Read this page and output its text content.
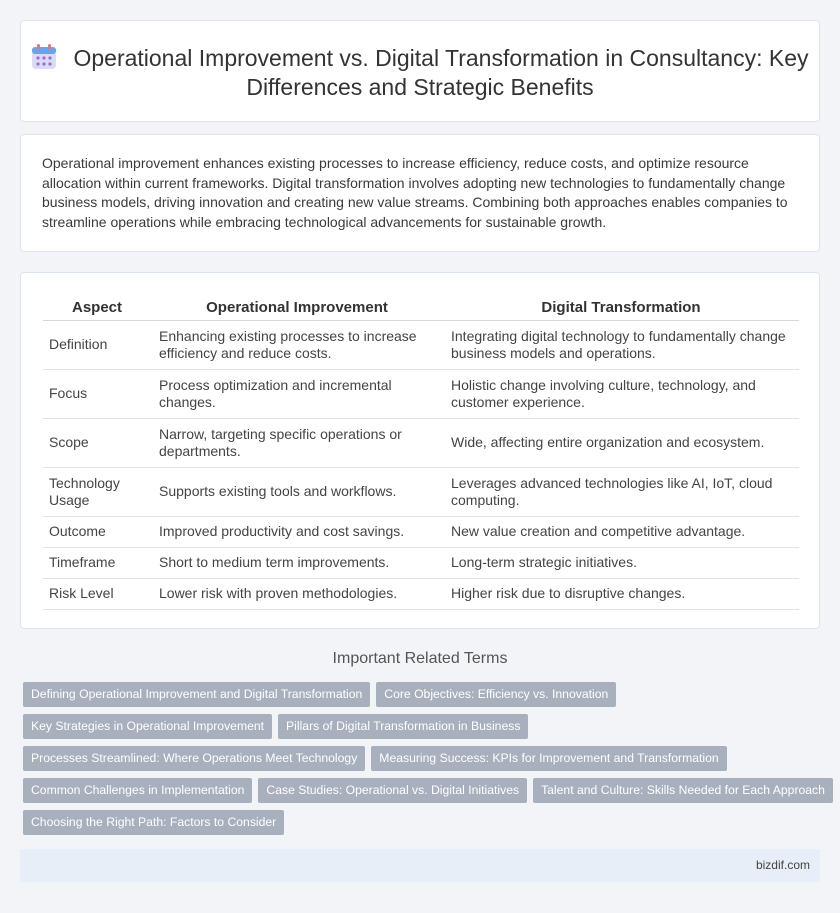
Operational Improvement vs. Digital Transformation in Consultancy: Key Differences and Strategic Benefits

Operational improvement enhances existing processes to increase efficiency, reduce costs, and optimize resource allocation within current frameworks. Digital transformation involves adopting new technologies to fundamentally change business models, driving innovation and creating new value streams. Combining both approaches enables companies to streamline operations while embracing technological advancements for sustainable growth.

Aspect	Operational Improvement	Digital Transformation
Definition	Enhancing existing processes to increase efficiency and reduce costs.	Integrating digital technology to fundamentally change business models and operations.
Focus	Process optimization and incremental changes.	Holistic change involving culture, technology, and customer experience.
Scope	Narrow, targeting specific operations or departments.	Wide, affecting entire organization and ecosystem.
Technology Usage	Supports existing tools and workflows.	Leverages advanced technologies like AI, IoT, cloud computing.
Outcome	Improved productivity and cost savings.	New value creation and competitive advantage.
Timeframe	Short to medium term improvements.	Long-term strategic initiatives.
Risk Level	Lower risk with proven methodologies.	Higher risk due to disruptive changes.
Important Related Terms
Defining Operational Improvement and Digital Transformation Core Objectives: Efficiency vs. Innovation
Key Strategies in Operational Improvement Pillars of Digital Transformation in Business
Processes Streamlined: Where Operations Meet Technology Measuring Success: KPIs for Improvement and Transformation
Common Challenges in Implementation Case Studies: Operational vs. Digital Initiatives Talent and Culture: Skills Needed for Each Approach
Choosing the Right Path: Factors to Consider
bizdif.com
